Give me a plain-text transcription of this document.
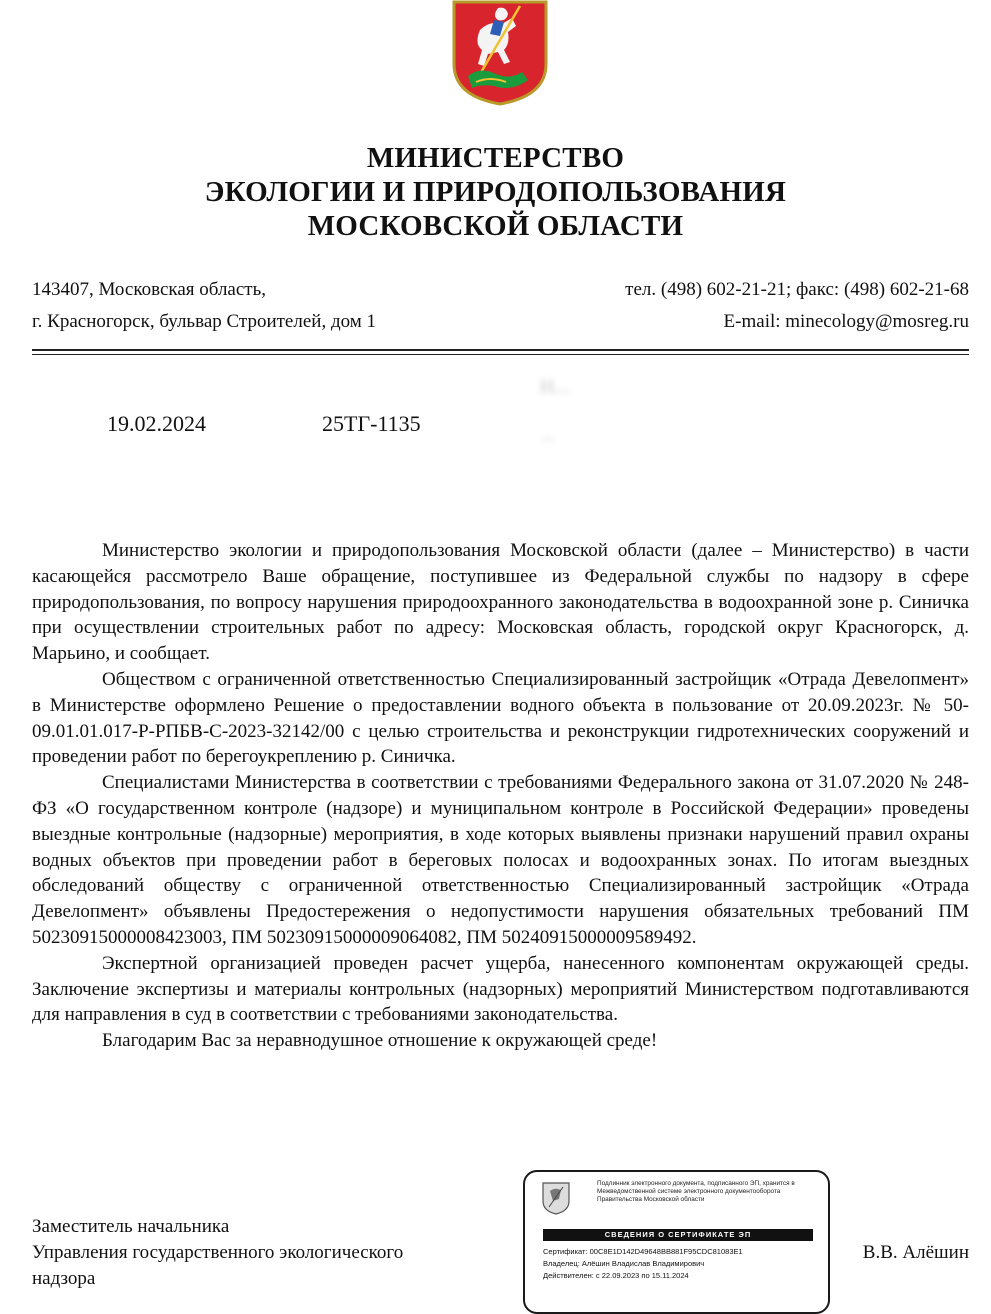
МИНИСТЕРСТВО
ЭКОЛОГИИ И ПРИРОДОПОЛЬЗОВАНИЯ
МОСКОВСКОЙ ОБЛАСТИ
143407, Московская область,
г. Красногорск, бульвар Строителей, дом 1
тел. (498) 602-21-21; факс: (498) 602-21-68
E-mail: minecology@mosreg.ru
19.02.2024	25ТГ-1135
Н...
...

Министерство экологии и природопользования Московской области (далее – Министерство) в части касающейся рассмотрело Ваше обращение, поступившее из Федеральной службы по надзору в сфере природопользования, по вопросу нарушения природоохранного законодательства в водоохранной зоне р. Синичка при осуществлении строительных работ по адресу: Московская область, городской округ Красногорск, д. Марьино, и сообщает.

Обществом с ограниченной ответственностью Специализированный застройщик «Отрада Девелопмент» в Министерстве оформлено Решение о предоставлении водного объекта в пользование от 20.09.2023г. № 50-09.01.01.017-Р-РПБВ-С-2023-32142/00 с целью строительства и реконструкции гидротехнических сооружений и проведении работ по берегоукреплению р. Синичка.

Специалистами Министерства в соответствии с требованиями Федерального закона от 31.07.2020 № 248-ФЗ «О государственном контроле (надзоре) и муниципальном контроле в Российской Федерации» проведены выездные контрольные (надзорные) мероприятия, в ходе которых выявлены признаки нарушений правил охраны водных объектов при проведении работ в береговых полосах и водоохранных зонах. По итогам выездных обследований обществу с ограниченной ответственностью Специализированный застройщик «Отрада Девелопмент» объявлены Предостережения о недопустимости нарушения обязательных требований ПМ 50230915000008423003, ПМ 50230915000009064082, ПМ 50240915000009589492.

Экспертной организацией проведен расчет ущерба, нанесенного компонентам окружающей среды. Заключение экспертизы и материалы контрольных (надзорных) мероприятий Министерством подготавливаются для направления в суд в соответствии с требованиями законодательства.

Благодарим Вас за неравнодушное отношение к окружающей среде!

Заместитель начальника
Управления государственного экологического
надзора
В.В. Алёшин
Подлинник электронного документа, подписанного ЭП, хранится в Межведомственной системе электронного документооборота Правительства Московской области
СВЕДЕНИЯ О СЕРТИФИКАТЕ ЭП
Сертификат: 00C8E1D142D49648BB881F95CDC81083E1
Владелец: Алёшин Владислав Владимирович
Действителен: с 22.09.2023 по 15.11.2024
